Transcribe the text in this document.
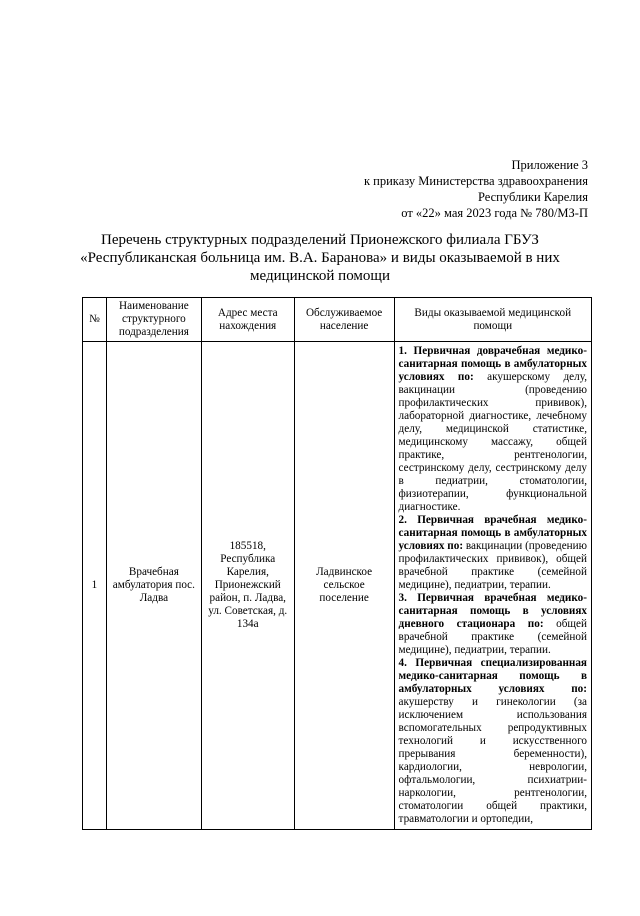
Приложение 3
к приказу Министерства здравоохранения
Республики Карелия
от «22» мая 2023 года № 780/МЗ-П
Перечень структурных подразделений Прионежского филиала ГБУЗ
«Республиканская больница им. В.А. Баранова» и виды оказываемой в них
медицинской помощи
№	Наименование структурного подразделения	Адрес места нахождения	Обслуживаемое население	Виды оказываемой медицинской помощи
1	Врачебная амбулатория пос. Ладва	185518, Республика Карелия, Прионежский район, п. Ладва, ул. Советская, д. 134а	Ладвинское сельское поселение	1. Первичная доврачебная медико-санитарная помощь в амбулаторных условиях по: акушерскому делу, вакцинации (проведению профилактических прививок), лабораторной диагностике, лечебному делу, медицинской статистике, медицинскому массажу, общей практике, рентгенологии, сестринскому делу, сестринскому делу в педиатрии, стоматологии, физиотерапии, функциональной диагностике.

2. Первичная врачебная медико-санитарная помощь в амбулаторных условиях по: вакцинации (проведению профилактических прививок), общей врачебной практике (семейной медицине), педиатрии, терапии.

3. Первичная врачебная медико-санитарная помощь в условиях дневного стационара по: общей врачебной практике (семейной медицине), педиатрии, терапии.

4. Первичная специализированная медико-санитарная помощь в амбулаторных условиях по: акушерству и гинекологии (за исключением использования вспомогательных репродуктивных технологий и искусственного прерывания беременности), кардиологии, неврологии, офтальмологии, психиатрии-наркологии, рентгенологии, стоматологии общей практики, травматологии и ортопедии,
